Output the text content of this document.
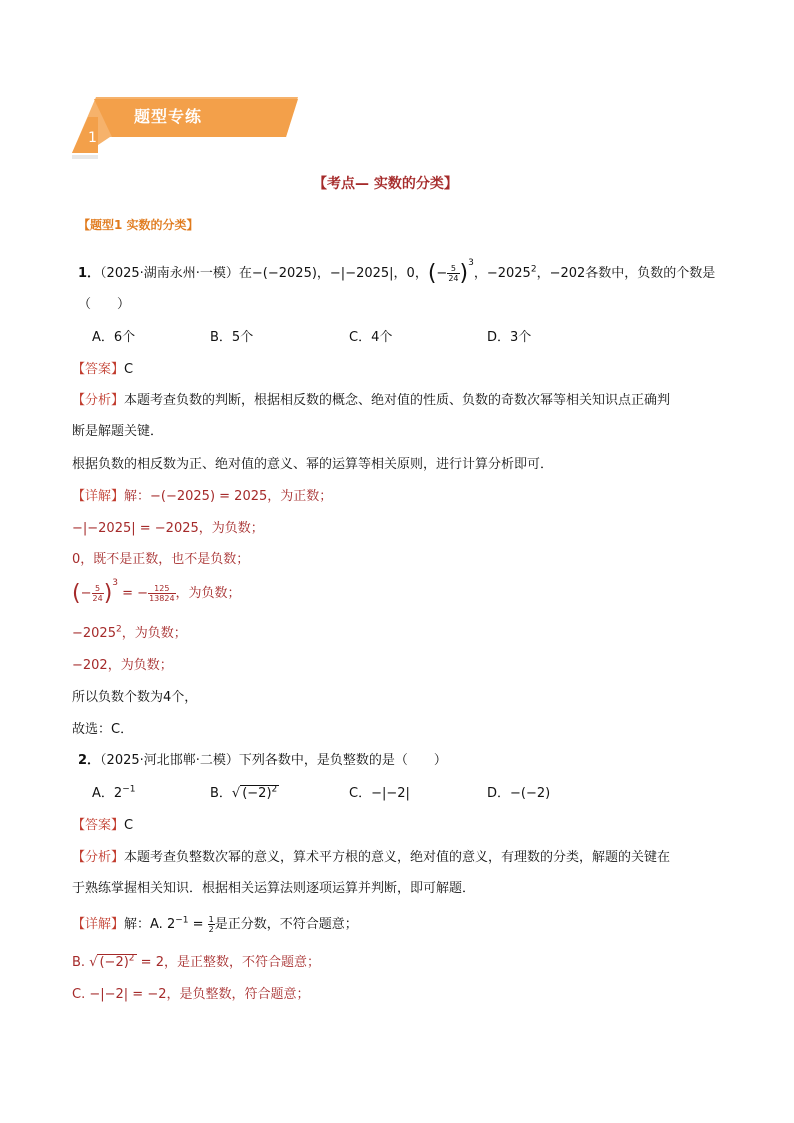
题型专练
1
【考点— 实数的分类】
【题型1 实数的分类】
1．（2025·湖南永州·一模）在−(−2025)，−|−2025|，0，(− $\frac{5}{24} )^3$，$-2025^2$，−202各数中，负数的个数是
（　　）
A．6个	B．5个	C．4个	D．3个
【答案】C
【分析】本题考查负数的判断，根据相反数的概念、绝对值的性质、负数的奇数次幂等相关知识点正确判
断是解题关键．
根据负数的相反数为正、绝对值的意义、幂的运算等相关原则，进行计算分析即可．
【详解】解：−(−2025) = 2025，为正数；
−|−2025| = −2025，为负数；
0，既不是正数，也不是负数；
(− $\frac{5}{24} )^3$ = − $\frac{125}{13824}$ ，为负数；
$-2025^2$，为负数；
−202，为负数；
所以负数个数为4个，
故选：C．
2．（2025·河北邯郸·二模）下列各数中，是负整数的是（　　）
A．$2^{-1}$	B．√ $(-2)^2$	C．−|−2|	D．−(−2)
【答案】C
【分析】本题考查负整数次幂的意义，算术平方根的意义，绝对值的意义，有理数的分类，解题的关键在
于熟练掌握相关知识．根据相关运算法则逐项运算并判断，即可解题．
【详解】解：A. $2^{-1} = \frac{1}{2}$ 是正分数，不符合题意；
B. √ $(-2)^2 = 2$，是正整数，不符合题意；
C. −|−2| = −2，是负整数，符合题意；
